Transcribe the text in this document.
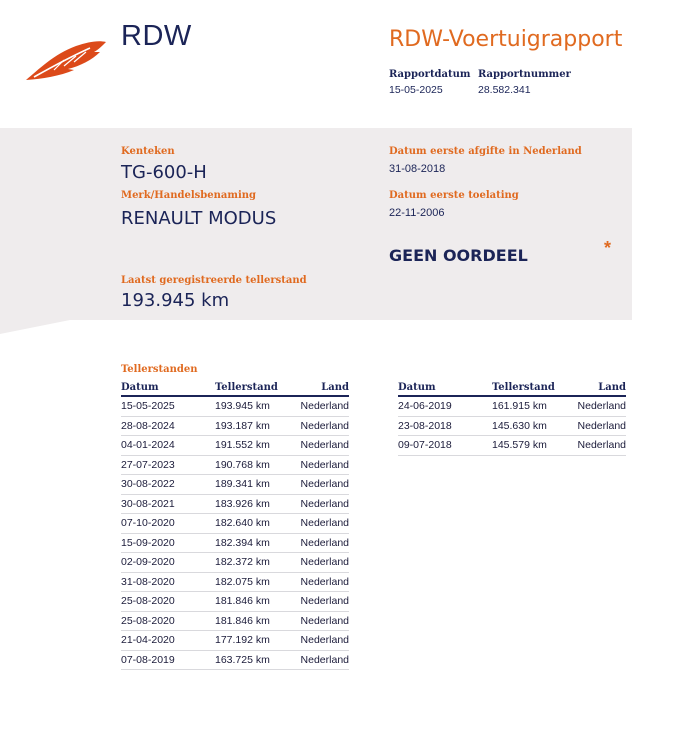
RDW	RDW-Voertuigrapport
Rapportdatum
15-05-2025
Rapportnummer
28.582.341
Kenteken
TG-600-H
Merk/Handelsbenaming
RENAULT MODUS
Laatst geregistreerde tellerstand
193.945 km
Datum eerste afgifte in Nederland
31-08-2018
Datum eerste toelating
22-11-2006
GEEN OORDEEL	*
Tellerstanden
Datum	Tellerstand	Land
15-05-2025	193.945 km	Nederland
28-08-2024	193.187 km	Nederland
04-01-2024	191.552 km	Nederland
27-07-2023	190.768 km	Nederland
30-08-2022	189.341 km	Nederland
30-08-2021	183.926 km	Nederland
07-10-2020	182.640 km	Nederland
15-09-2020	182.394 km	Nederland
02-09-2020	182.372 km	Nederland
31-08-2020	182.075 km	Nederland
25-08-2020	181.846 km	Nederland
25-08-2020	181.846 km	Nederland
21-04-2020	177.192 km	Nederland
07-08-2019	163.725 km	Nederland
Datum	Tellerstand	Land
24-06-2019	161.915 km	Nederland
23-08-2018	145.630 km	Nederland
09-07-2018	145.579 km	Nederland
